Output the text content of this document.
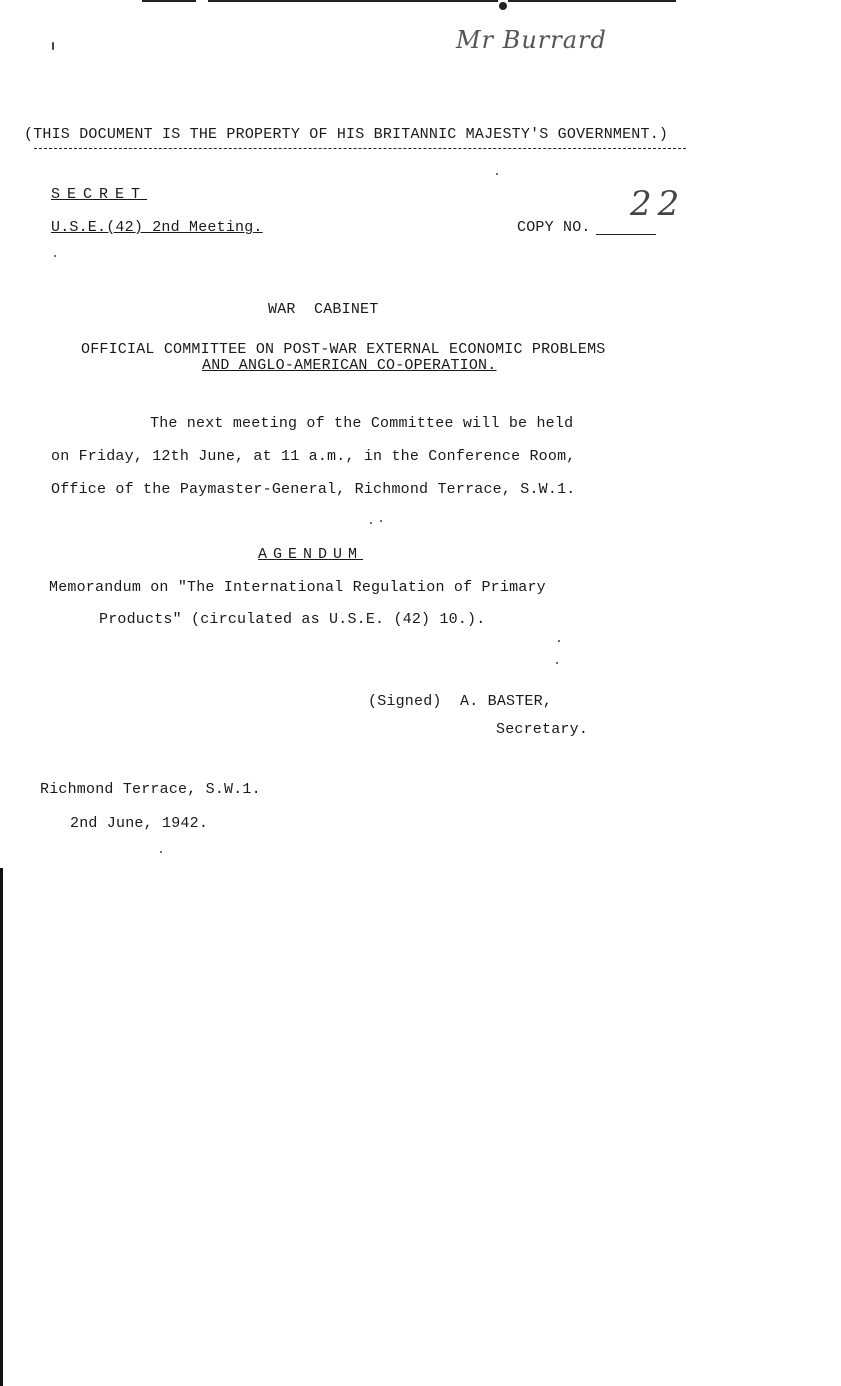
Mr Burrard
22
(THIS DOCUMENT IS THE PROPERTY OF HIS BRITANNIC MAJESTY'S GOVERNMENT.)
SECRET
U.S.E.(42) 2nd Meeting.	COPY NO.
WAR  CABINET
OFFICIAL COMMITTEE ON POST-WAR EXTERNAL ECONOMIC PROBLEMS
AND ANGLO-AMERICAN CO-OPERATION.
The next meeting of the Committee will be held
on Friday, 12th June, at 11 a.m., in the Conference Room,
Office of the Paymaster-General, Richmond Terrace, S.W.1.
AGENDUM
Memorandum on "The International Regulation of Primary
Products" (circulated as U.S.E. (42) 10.).
(Signed)  A. BASTER,
Secretary.
Richmond Terrace, S.W.1.
2nd June, 1942.
